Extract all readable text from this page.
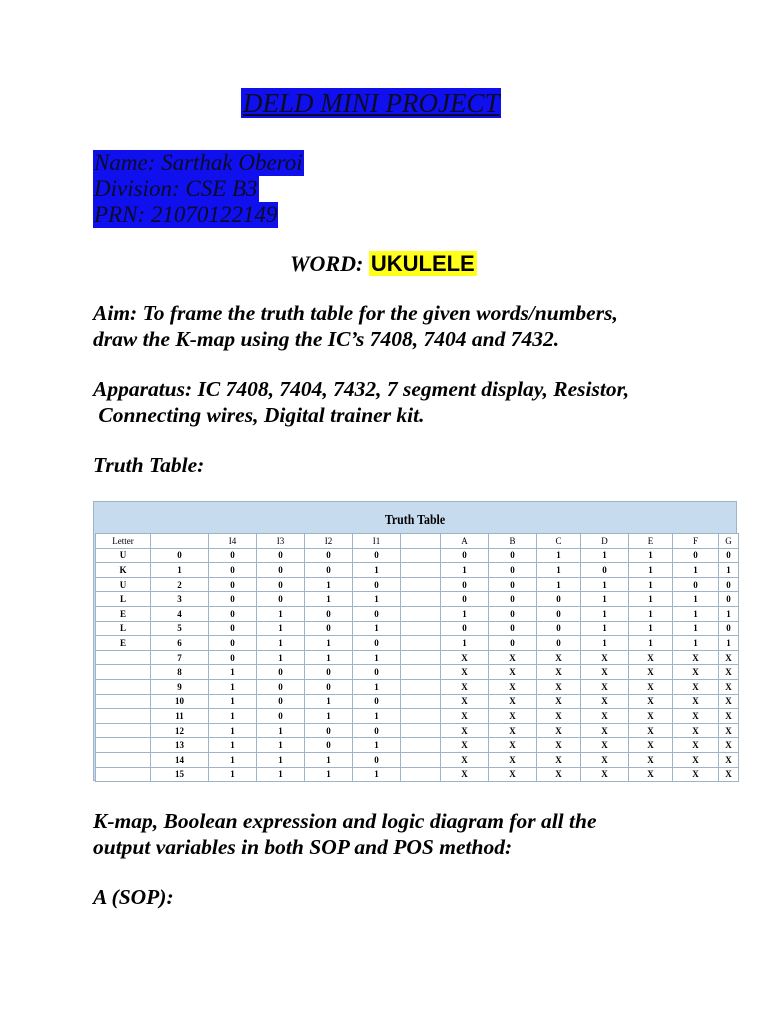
DELD MINI PROJECT
Name: Sarthak Oberoi
Division: CSE B3
PRN: 21070122149
WORD: UKULELE

Aim: To frame the truth table for the given words/numbers,
draw the K-map using the IC’s 7408, 7404 and 7432.

Apparatus: IC 7408, 7404, 7432, 7 segment display, Resistor,
Connecting wires, Digital trainer kit.

Truth Table:

Truth Table
Letter		I4	I3	I2	I1		A	B	C	D	E	F	G
U	0	0	0	0	0		0	0	1	1	1	0	0
K	1	0	0	0	1		1	0	1	0	1	1	1
U	2	0	0	1	0		0	0	1	1	1	0	0
L	3	0	0	1	1		0	0	0	1	1	1	0
E	4	0	1	0	0		1	0	0	1	1	1	1
L	5	0	1	0	1		0	0	0	1	1	1	0
E	6	0	1	1	0		1	0	0	1	1	1	1
	7	0	1	1	1		X	X	X	X	X	X	X
	8	1	0	0	0		X	X	X	X	X	X	X
	9	1	0	0	1		X	X	X	X	X	X	X
	10	1	0	1	0		X	X	X	X	X	X	X
	11	1	0	1	1		X	X	X	X	X	X	X
	12	1	1	0	0		X	X	X	X	X	X	X
	13	1	1	0	1		X	X	X	X	X	X	X
	14	1	1	1	0		X	X	X	X	X	X	X
	15	1	1	1	1		X	X	X	X	X	X	X

K-map, Boolean expression and logic diagram for all the
output variables in both SOP and POS method:

A (SOP):
